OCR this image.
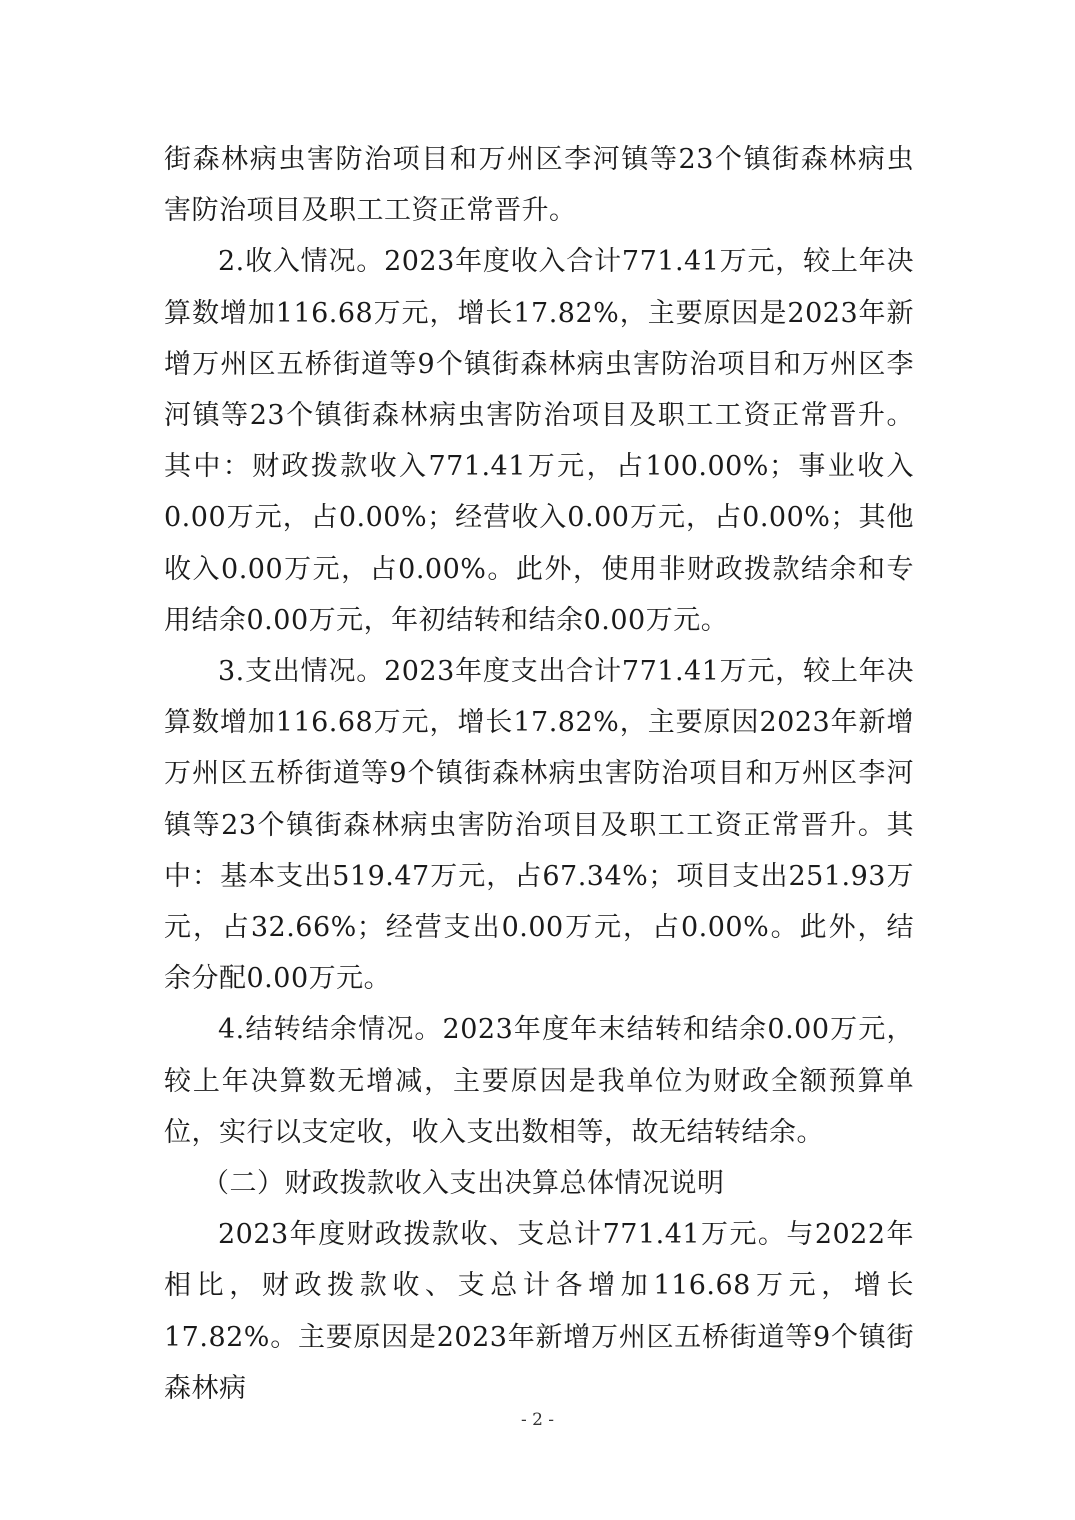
街森林病虫害防治项目和万州区李河镇等23个镇街森林病虫害防治项目及职工工资正常晋升。

2.收入情况。2023年度收入合计771.41万元，较上年决算数增加116.68万元，增长17.82%，主要原因是2023年新增万州区五桥街道等9个镇街森林病虫害防治项目和万州区李河镇等23个镇街森林病虫害防治项目及职工工资正常晋升。其中：财政拨款收入771.41万元，占100.00%；事业收入0.00万元，占0.00%；经营收入0.00万元，占0.00%；其他收入0.00万元，占0.00%。此外，使用非财政拨款结余和专用结余0.00万元，年初结转和结余0.00万元。

3.支出情况。2023年度支出合计771.41万元，较上年决算数增加116.68万元，增长17.82%，主要原因2023年新增万州区五桥街道等9个镇街森林病虫害防治项目和万州区李河镇等23个镇街森林病虫害防治项目及职工工资正常晋升。其中：基本支出519.47万元，占67.34%；项目支出251.93万元，占32.66%；经营支出0.00万元，占0.00%。此外，结余分配0.00万元。

4.结转结余情况。2023年度年末结转和结余0.00万元，较上年决算数无增减，主要原因是我单位为财政全额预算单位，实行以支定收，收入支出数相等，故无结转结余。

（二）财政拨款收入支出决算总体情况说明

2023年度财政拨款收、支总计771.41万元。与2022年相比，财政拨款收、支总计各增加116.68万元，增长17.82%。主要原因是2023年新增万州区五桥街道等9个镇街森林病

- 2 -
